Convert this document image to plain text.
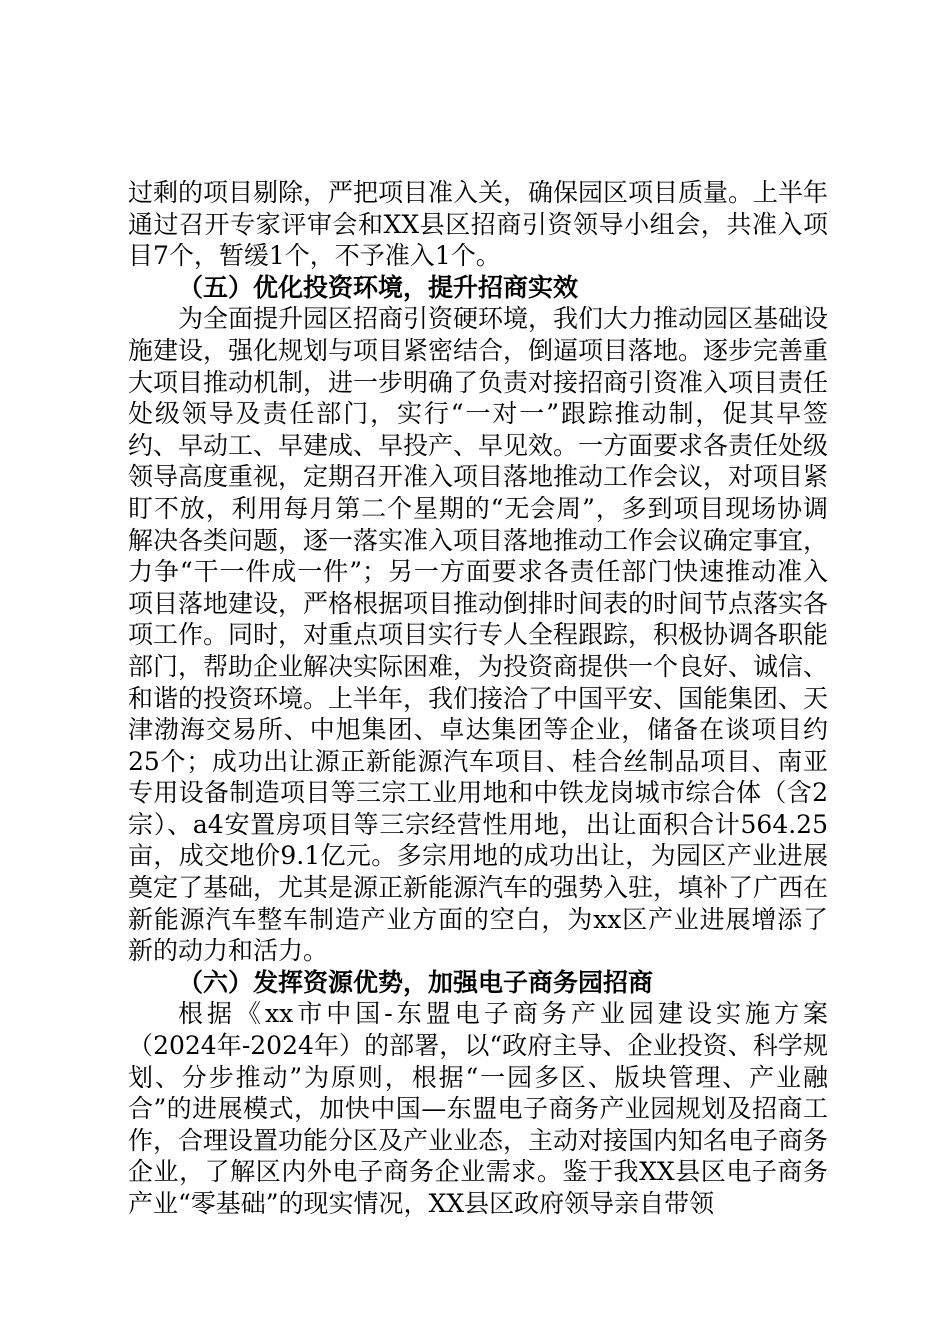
过剩的项目剔除，严把项目准入关，确保园区项目质量。上半年通过召开专家评审会和XX县区招商引资领导小组会，共准入项目7个，暂缓1个，不予准入1个。

（五）优化投资环境，提升招商实效

为全面提升园区招商引资硬环境，我们大力推动园区基础设施建设，强化规划与项目紧密结合，倒逼项目落地。逐步完善重大项目推动机制，进一步明确了负责对接招商引资准入项目责任处级领导及责任部门，实行“一对一”跟踪推动制，促其早签约、早动工、早建成、早投产、早见效。一方面要求各责任处级领导高度重视，定期召开准入项目落地推动工作会议，对项目紧盯不放，利用每月第二个星期的“无会周”，多到项目现场协调解决各类问题，逐一落实准入项目落地推动工作会议确定事宜，力争“干一件成一件”；另一方面要求各责任部门快速推动准入项目落地建设，严格根据项目推动倒排时间表的时间节点落实各项工作。同时，对重点项目实行专人全程跟踪，积极协调各职能部门，帮助企业解决实际困难，为投资商提供一个良好、诚信、和谐的投资环境。上半年，我们接洽了中国平安、国能集团、天津渤海交易所、中旭集团、卓达集团等企业，储备在谈项目约25个；成功出让源正新能源汽车项目、桂合丝制品项目、南亚专用设备制造项目等三宗工业用地和中铁龙岗城市综合体（含2宗）、a4安置房项目等三宗经营性用地，出让面积合计564.25亩，成交地价9.1亿元。多宗用地的成功出让，为园区产业进展奠定了基础，尤其是源正新能源汽车的强势入驻，填补了广西在新能源汽车整车制造产业方面的空白，为xx区产业进展增添了新的动力和活力。

（六）发挥资源优势，加强电子商务园招商

根据《xx市中国-东盟电子商务产业园建设实施方案（2024年-2024年）的部署，以“政府主导、企业投资、科学规划、分步推动”为原则，根据“一园多区、版块管理、产业融合”的进展模式，加快中国—东盟电子商务产业园规划及招商工作，合理设置功能分区及产业业态，主动对接国内知名电子商务企业，了解区内外电子商务企业需求。鉴于我XX县区电子商务产业“零基础”的现实情况，XX县区政府领导亲自带领
